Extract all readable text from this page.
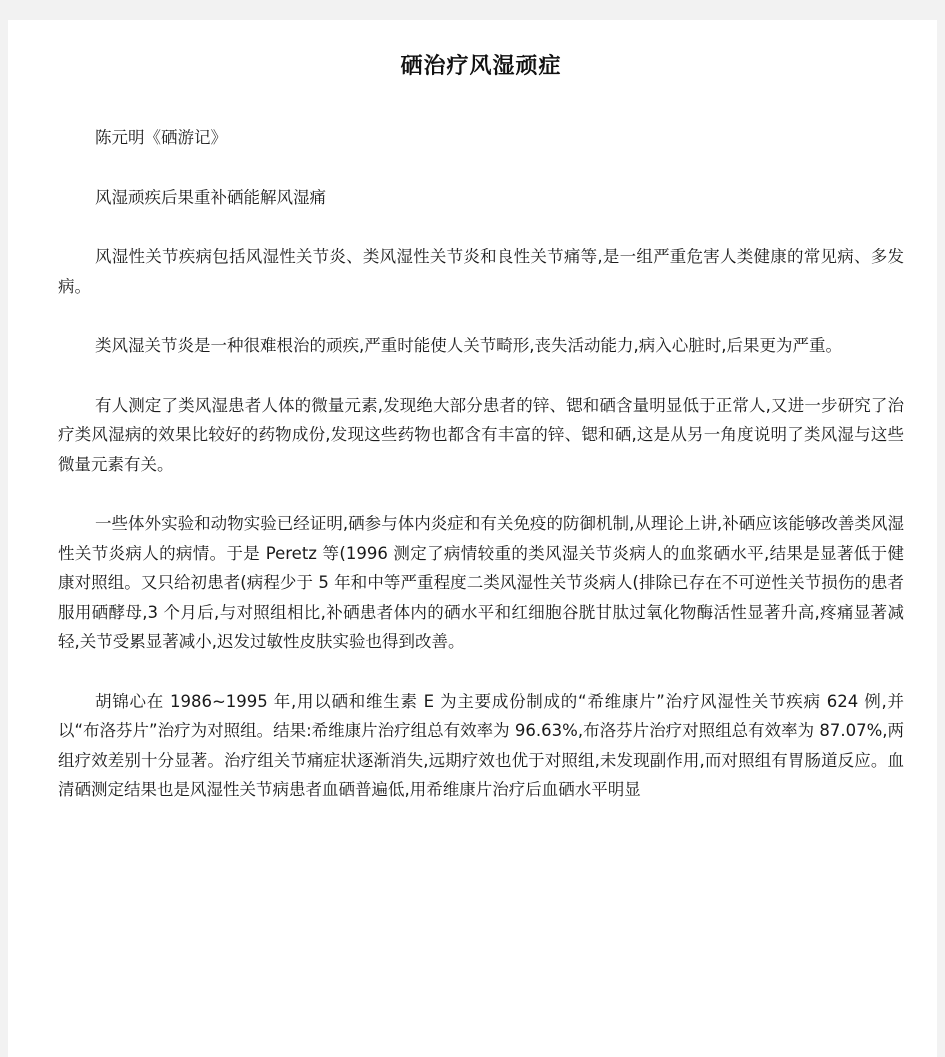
硒治疗风湿顽症

陈元明《硒游记》

风湿顽疾后果重补硒能解风湿痛

风湿性关节疾病包括风湿性关节炎、类风湿性关节炎和良性关节痛等,是一组严重危害人类健康的常见病、多发病。

类风湿关节炎是一种很难根治的顽疾,严重时能使人关节畸形,丧失活动能力,病入心脏时,后果更为严重。

有人测定了类风湿患者人体的微量元素,发现绝大部分患者的锌、锶和硒含量明显低于正常人,又进一步研究了治疗类风湿病的效果比较好的药物成份,发现这些药物也都含有丰富的锌、锶和硒,这是从另一角度说明了类风湿与这些微量元素有关。

一些体外实验和动物实验已经证明,硒参与体内炎症和有关免疫的防御机制,从理论上讲,补硒应该能够改善类风湿性关节炎病人的病情。于是 Peretz 等(1996 测定了病情较重的类风湿关节炎病人的血浆硒水平,结果是显著低于健康对照组。又只给初患者(病程少于 5 年和中等严重程度二类风湿性关节炎病人(排除已存在不可逆性关节损伤的患者服用硒酵母,3 个月后,与对照组相比,补硒患者体内的硒水平和红细胞谷胱甘肽过氧化物酶活性显著升高,疼痛显著减轻,关节受累显著减小,迟发过敏性皮肤实验也得到改善。

胡锦心在 1986~1995 年,用以硒和维生素 E 为主要成份制成的“希维康片”治疗风湿性关节疾病 624 例,并以“布洛芬片”治疗为对照组。结果:希维康片治疗组总有效率为 96.63%,布洛芬片治疗对照组总有效率为 87.07%,两组疗效差别十分显著。治疗组关节痛症状逐渐消失,远期疗效也优于对照组,未发现副作用,而对照组有胃肠道反应。血清硒测定结果也是风湿性关节病患者血硒普遍低,用希维康片治疗后血硒水平明显
